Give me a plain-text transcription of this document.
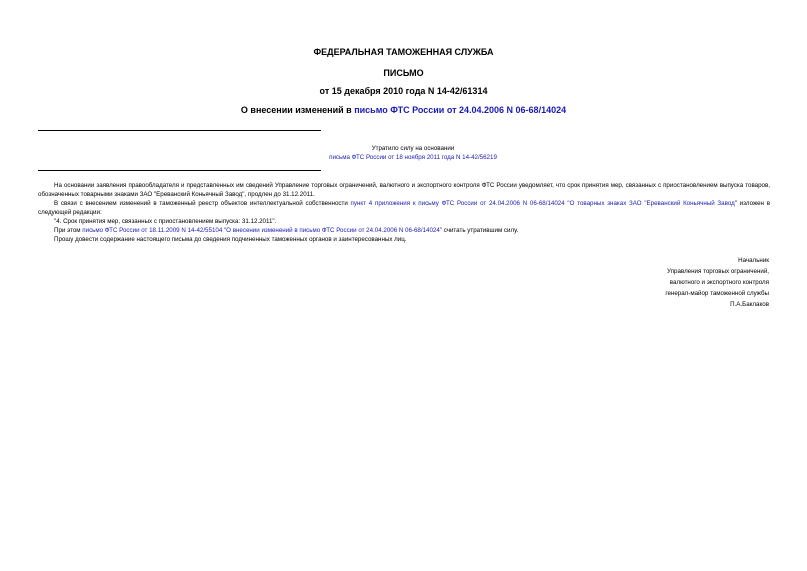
ФЕДЕРАЛЬНАЯ ТАМОЖЕННАЯ СЛУЖБА
ПИСЬМО
от 15 декабря 2010 года N 14-42/61314
О внесении изменений в письмо ФТС России от 24.04.2006 N 06-68/14024
Утратило силу на основании
письма ФТС России от 18 ноября 2011 года N 14-42/56219

На основании заявления правообладателя и представленных им сведений Управление торговых ограничений, валютного и экспортного контроля ФТС России уведомляет, что срок принятия мер, связанных с приостановлением выпуска товаров, обозначенных товарными знаками ЗАО "Ереванский Коньячный Завод", продлен до 31.12.2011.

В связи с внесением изменений в таможенный реестр объектов интеллектуальной собственности пункт 4 приложения к письму ФТС России от 24.04.2006 N 06-68/14024 "О товарных знаках ЗАО "Ереванский Коньячный Завод" изложен в следующей редакции:

"4. Срок принятия мер, связанных с приостановлением выпуска: 31.12.2011".

При этом письмо ФТС России от 18.11.2009 N 14-42/55104 "О внесении изменений в письмо ФТС России от 24.04.2006 N 06-68/14024" считать утратившим силу.

Прошу довести содержание настоящего письма до сведения подчиненных таможенных органов и заинтересованных лиц.

Начальник
Управления торговых ограничений,
валютного и экспортного контроля
генерал-майор таможенной службы
П.А.Баклаков
